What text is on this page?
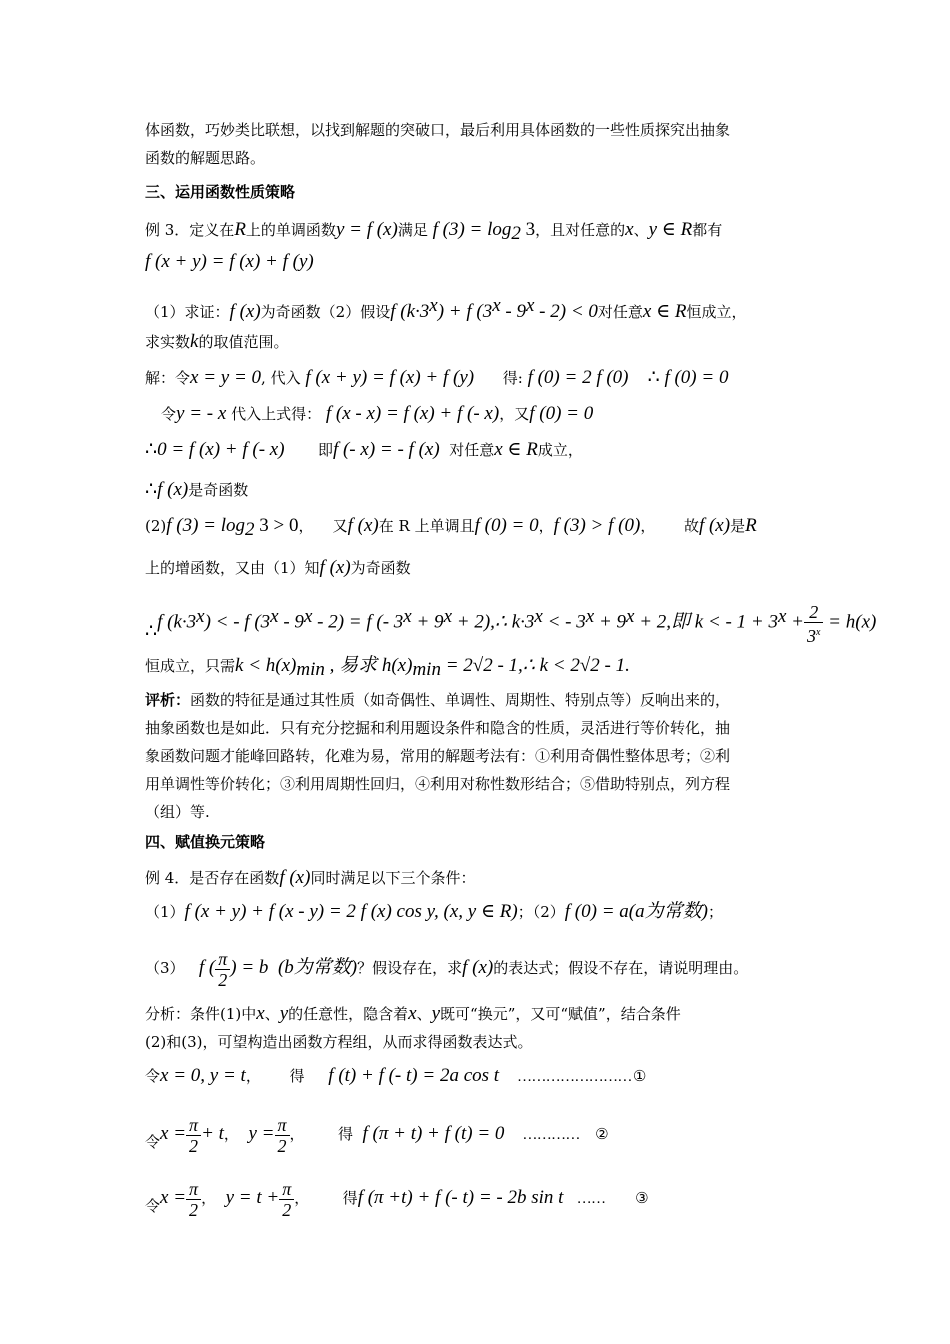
体函数，巧妙类比联想，以找到解题的突破口，最后利用具体函数的一些性质探究出抽象
函数的解题思路。
三、运用函数性质策略
例 3．定义在R上的单调函数y = f (x)满足 f $(3) = \log_2 3$，且对任意的x、y ∈ R都有
f (x + y) = f (x) + f (y)
（1）求证：f (x)为奇函数（2）假设f $(k\cdot 3^x) + f$ (3$^x$ - 9$^x$ - 2) < 0对任意x ∈ R恒成立，
求实数k的取值范围。
解：令x = y = 0, 代入 f (x + y) = f (x) + f (y) 得: f (0) = 2 f (0) ∴ f (0) = 0
令y = - x 代入上式得： f (x - x) = f (x) + f (- x)，又f (0) = 0
∴0 = f (x) + f (- x) 即f (- x) = - f (x) 对任意x ∈ R成立，
∴f (x)是奇函数
(2)f $(3) = \log_2 3 > 0$， 又f (x)在 R 上单调且f (0) = 0，f (3) > f (0)， 故f (x)是R
上的增函数，又由（1）知f (x)为奇函数
∴f $(k\cdot 3^x)$ < - f (3$^x$ - 9$^x$ - 2) = f (- $3^x + 9^x$ + 2),∴ $k\cdot 3^x$ < - $3^x + 9^x + 2$,即 k < - $1 + 3^x + \frac{2}{3^x} = h(x)$
恒成立，只需$k < h(x)_{min}$ , 易求 $h(x)_{min} = 2√2$ - 1,∴ k < 2√2 - 1.
评析：函数的特征是通过其性质（如奇偶性、单调性、周期性、特别点等）反响出来的，
抽象函数也是如此．只有充分挖掘和利用题设条件和隐含的性质，灵活进行等价转化，抽
象函数问题才能峰回路转，化难为易，常用的解题考法有：①利用奇偶性整体思考；②利
用单调性等价转化；③利用周期性回归，④利用对称性数形结合；⑤借助特别点，列方程
（组）等.
四、赋值换元策略
例 4．是否存在函数f (x)同时满足以下三个条件：
（1）f (x + y) + f (x - y) = 2 f (x) cos y, (x, y ∈ R)；（2）f (0) = a(a为常数)；
（3） f ( $\frac{\pi}{2}$ ) = b (b为常数)？假设存在，求f (x)的表达式；假设不存在，请说明理由。
分析：条件(1)中x、y的任意性，隐含着x、y既可“换元”，又可“赋值”，结合条件
(2)和(3)，可望构造出函数方程组，从而求得函数表达式。
令x = 0, y = t， 得 f (t) + f (- t) = 2a cos t ……………………①
令$x = \frac{\pi}{2} + t$， $y = \frac{\pi}{2}$ ， 得 f (π + t) + f (t) = 0 ………… ②
令$x = \frac{\pi}{2}$ ， $y = t + \frac{\pi}{2}$ ， 得f (π +t) + f (- t) = - 2b sin t …… ③
